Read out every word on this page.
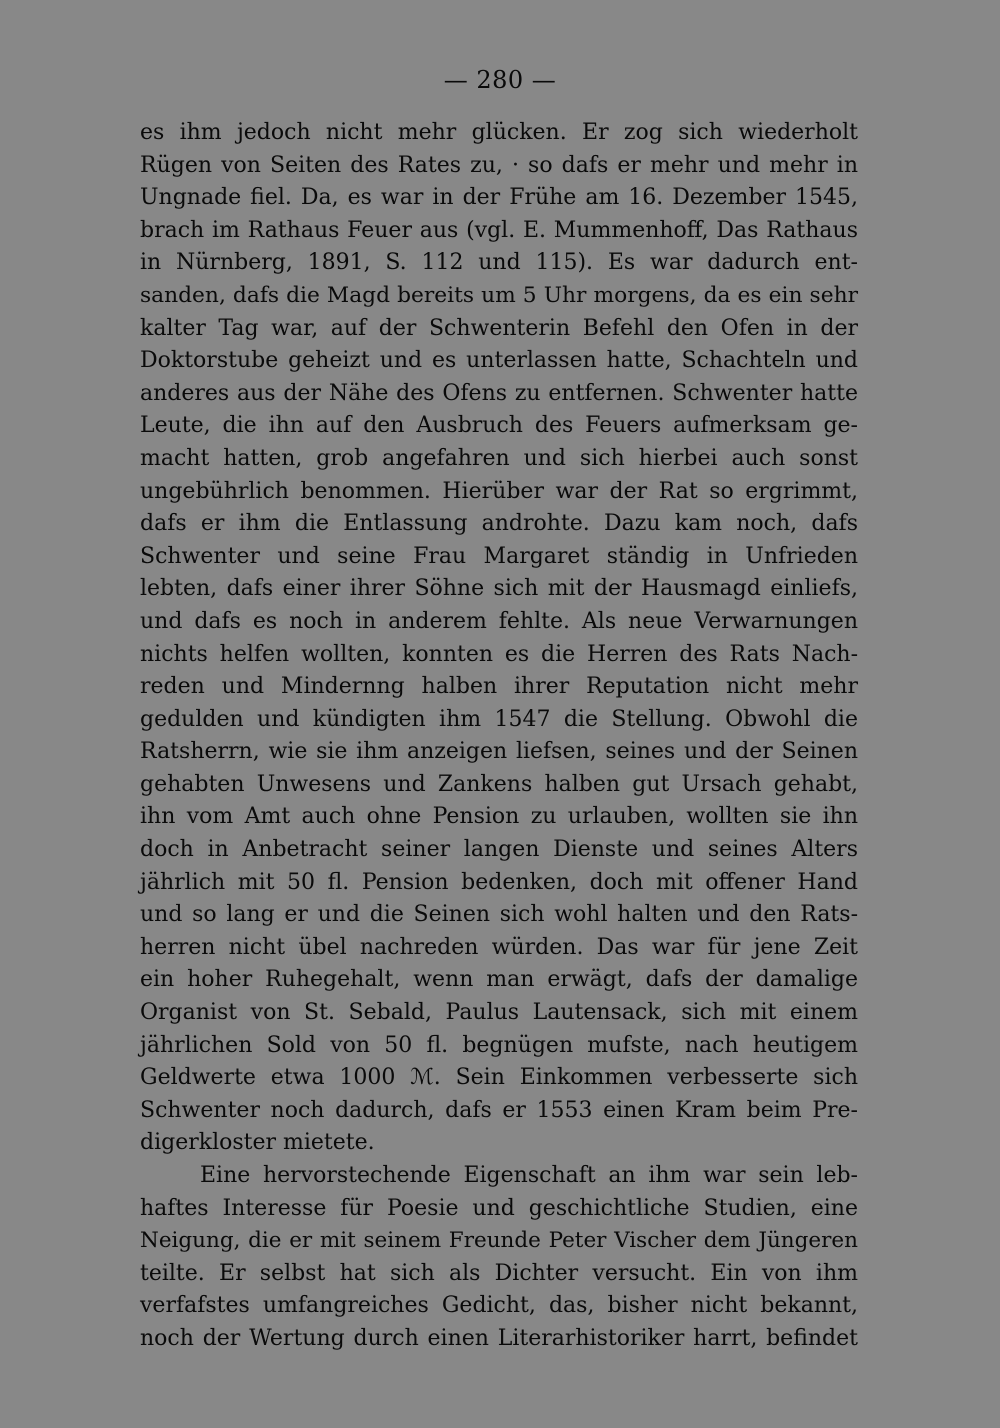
— 280 —
es ihm jedoch nicht mehr glücken. Er zog sich wiederholt
Rügen von Seiten des Rates zu, · so dafs er mehr und mehr in
Ungnade fiel. Da, es war in der Frühe am 16. Dezember 1545,
brach im Rathaus Feuer aus (vgl. E. Mummenhoff, Das Rathaus
in Nürnberg, 1891, S. 112 und 115). Es war dadurch ent-
sanden, dafs die Magd bereits um 5 Uhr morgens, da es ein sehr
kalter Tag war, auf der Schwenterin Befehl den Ofen in der
Doktorstube geheizt und es unterlassen hatte, Schachteln und
anderes aus der Nähe des Ofens zu entfernen. Schwenter hatte
Leute, die ihn auf den Ausbruch des Feuers aufmerksam ge-
macht hatten, grob angefahren und sich hierbei auch sonst
ungebührlich benommen. Hierüber war der Rat so ergrimmt,
dafs er ihm die Entlassung androhte. Dazu kam noch, dafs
Schwenter und seine Frau Margaret ständig in Unfrieden
lebten, dafs einer ihrer Söhne sich mit der Hausmagd einliefs,
und dafs es noch in anderem fehlte. Als neue Verwarnungen
nichts helfen wollten, konnten es die Herren des Rats Nach-
reden und Mindernng halben ihrer Reputation nicht mehr
gedulden und kündigten ihm 1547 die Stellung. Obwohl die
Ratsherrn, wie sie ihm anzeigen liefsen, seines und der Seinen
gehabten Unwesens und Zankens halben gut Ursach gehabt,
ihn vom Amt auch ohne Pension zu urlauben, wollten sie ihn
doch in Anbetracht seiner langen Dienste und seines Alters
jährlich mit 50 fl. Pension bedenken, doch mit offener Hand
und so lang er und die Seinen sich wohl halten und den Rats-
herren nicht übel nachreden würden. Das war für jene Zeit
ein hoher Ruhegehalt, wenn man erwägt, dafs der damalige
Organist von St. Sebald, Paulus Lautensack, sich mit einem
jährlichen Sold von 50 fl. begnügen mufste, nach heutigem
Geldwerte etwa 1000 ℳ. Sein Einkommen verbesserte sich
Schwenter noch dadurch, dafs er 1553 einen Kram beim Pre-
digerkloster mietete.
Eine hervorstechende Eigenschaft an ihm war sein leb-
haftes Interesse für Poesie und geschichtliche Studien, eine
Neigung, die er mit seinem Freunde Peter Vischer dem Jüngeren
teilte. Er selbst hat sich als Dichter versucht. Ein von ihm
verfafstes umfangreiches Gedicht, das, bisher nicht bekannt,
noch der Wertung durch einen Literarhistoriker harrt, befindet
